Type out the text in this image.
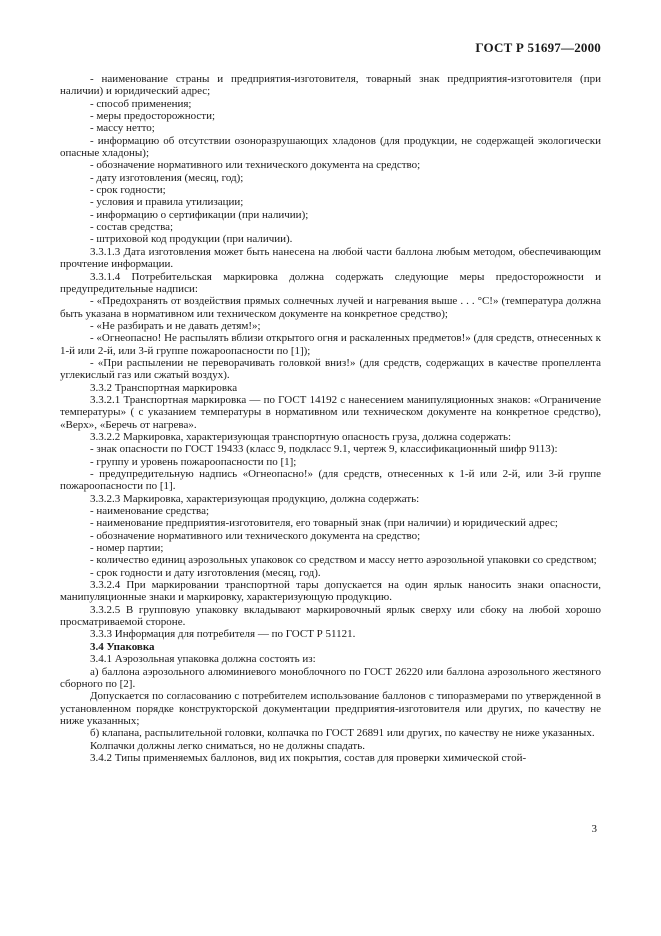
ГОСТ Р 51697—2000

- наименование страны и предприятия-изготовителя, товарный знак предприятия-изготовителя (при наличии) и юридический адрес;

- способ применения;

- меры предосторожности;

- массу нетто;

- информацию об отсутствии озоноразрушающих хладонов (для продукции, не содержащей экологически опасные хладоны);

- обозначение нормативного или технического документа на средство;

- дату изготовления (месяц, год);

- срок годности;

- условия и правила утилизации;

- информацию о сертификации (при наличии);

- состав средства;

- штриховой код продукции (при наличии).

3.3.1.3 Дата изготовления может быть нанесена на любой части баллона любым методом, обеспечивающим прочтение информации.

3.3.1.4 Потребительская маркировка должна содержать следующие меры предосторожности и предупредительные надписи:

- «Предохранять от воздействия прямых солнечных лучей и нагревания выше . . . °С!» (температура должна быть указана в нормативном или техническом документе на конкретное средство);

- «Не разбирать и не давать детям!»;

- «Огнеопасно! Не распылять вблизи открытого огня и раскаленных предметов!» (для средств, отнесенных к 1-й или 2-й, или 3-й группе пожароопасности по [1]);

- «При распылении не переворачивать головкой вниз!» (для средств, содержащих в качестве пропеллента углекислый газ или сжатый воздух).

3.3.2 Транспортная маркировка

3.3.2.1 Транспортная маркировка — по ГОСТ 14192 с нанесением манипуляционных знаков: «Ограничение температуры» ( с указанием температуры в нормативном или техническом документе на конкретное средство), «Верх», «Беречь от нагрева».

3.3.2.2 Маркировка, характеризующая транспортную опасность груза, должна содержать:

- знак опасности по ГОСТ 19433 (класс 9, подкласс 9.1, чертеж 9, классификационный шифр 9113):

- группу и уровень пожароопасности по [1];

- предупредительную надпись «Огнеопасно!» (для средств, отнесенных к 1-й или 2-й, или 3-й группе пожароопасности по [1].

3.3.2.3 Маркировка, характеризующая продукцию, должна содержать:

- наименование средства;

- наименование предприятия-изготовителя, его товарный знак (при наличии) и юридический адрес;

- обозначение нормативного или технического документа на средство;

- номер партии;

- количество единиц аэрозольных упаковок со средством и массу нетто аэрозольной упаковки со средством;

- срок годности и дату изготовления (месяц, год).

3.3.2.4 При маркировании транспортной тары допускается на один ярлык наносить знаки опасности, манипуляционные знаки и маркировку, характеризующую продукцию.

3.3.2.5 В групповую упаковку вкладывают маркировочный ярлык сверху или сбоку на любой хорошо просматриваемой стороне.

3.3.3 Информация для потребителя — по ГОСТ Р 51121.

3.4 Упаковка

3.4.1 Аэрозольная упаковка должна состоять из:

а) баллона аэрозольного алюминиевого моноблочного по ГОСТ 26220 или баллона аэрозольного жестяного сборного по [2].

Допускается по согласованию с потребителем использование баллонов с типоразмерами по утвержденной в установленном порядке конструкторской документации предприятия-изготовителя или других, по качеству не ниже указанных;

б) клапана, распылительной головки, колпачка по ГОСТ 26891 или других, по качеству не ниже указанных.

Колпачки должны легко сниматься, но не должны спадать.

3.4.2 Типы применяемых баллонов, вид их покрытия, состав для проверки химической стой-

3
